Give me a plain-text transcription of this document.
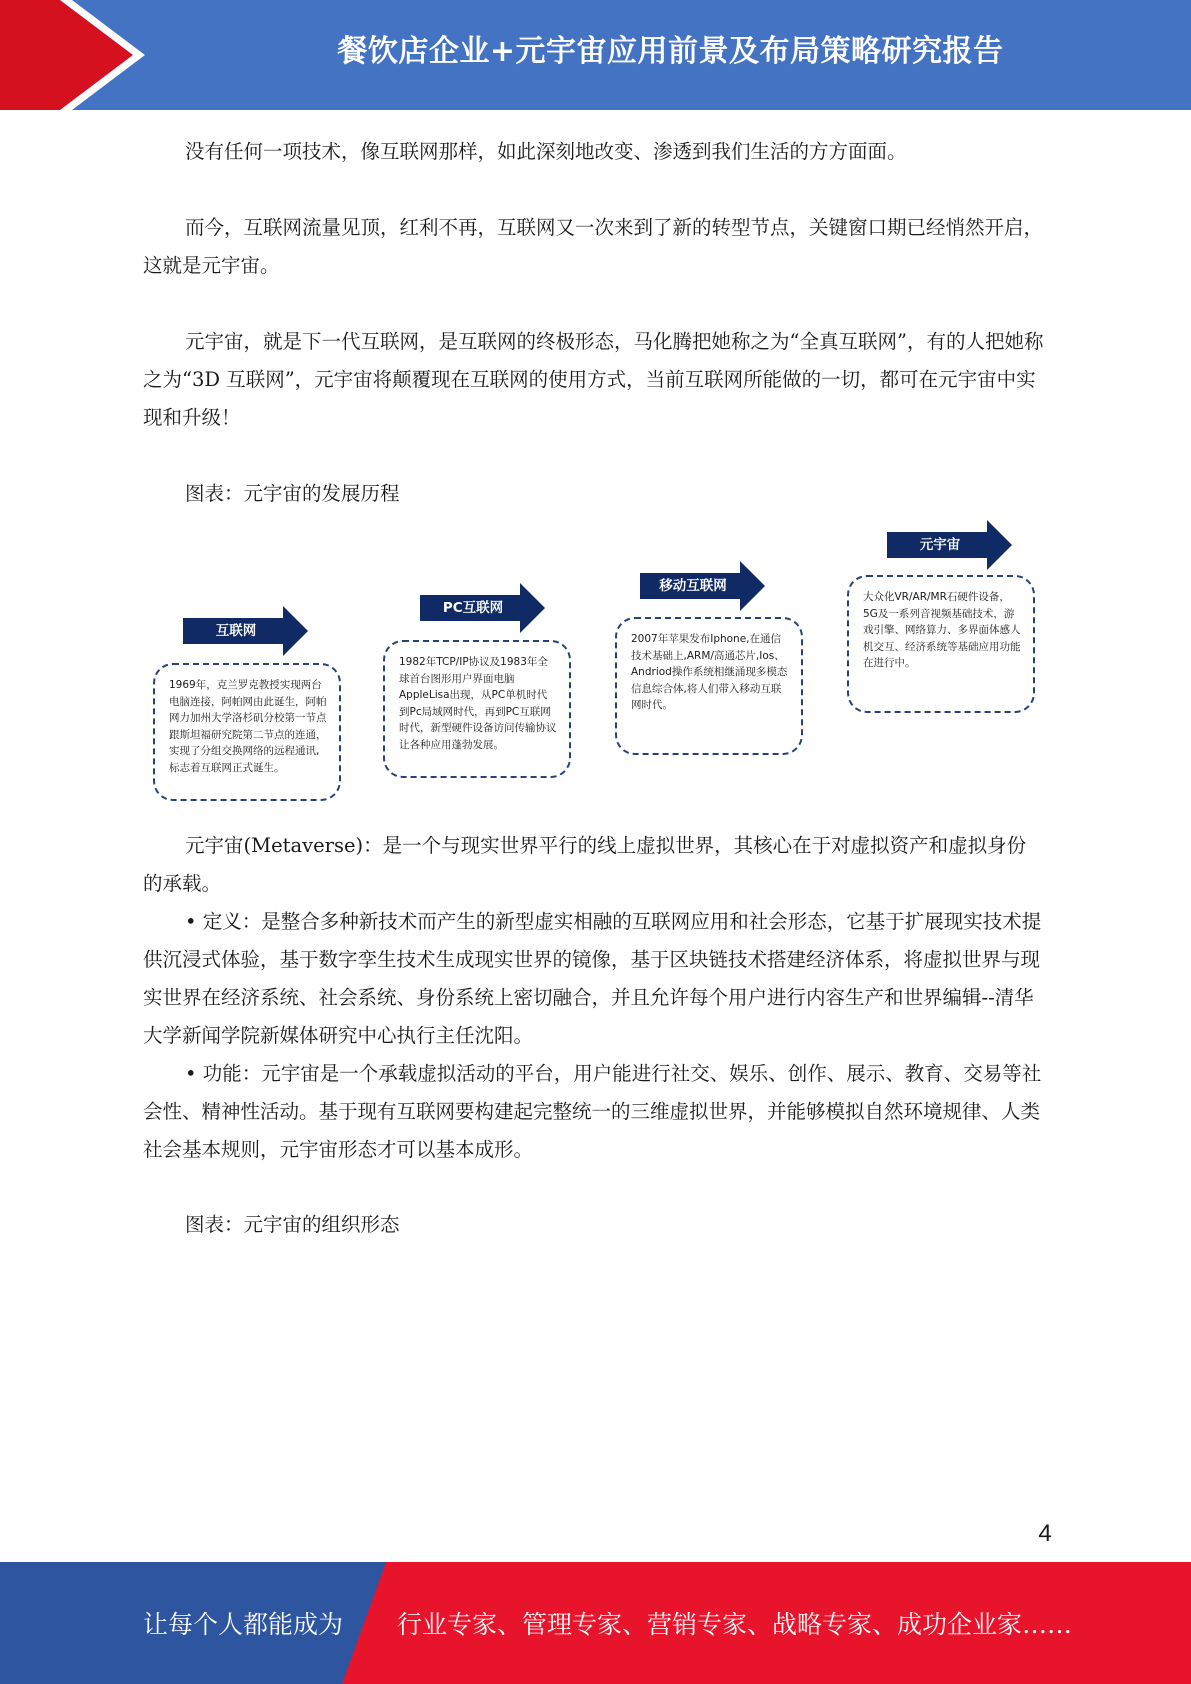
餐饮店企业+元宇宙应用前景及布局策略研究报告

没有任何一项技术，像互联网那样，如此深刻地改变、渗透到我们生活的方方面面。

而今，互联网流量见顶，红利不再，互联网又一次来到了新的转型节点，关键窗口期已经悄然开启，这就是元宇宙。

元宇宙，就是下一代互联网，是互联网的终极形态，马化腾把她称之为“全真互联网”，有的人把她称之为“3D 互联网”，元宇宙将颠覆现在互联网的使用方式，当前互联网所能做的一切，都可在元宇宙中实现和升级！

图表：元宇宙的发展历程

元宇宙(Metaverse)：是一个与现实世界平行的线上虚拟世界，其核心在于对虚拟资产和虚拟身份的承载。

• 定义：是整合多种新技术而产生的新型虚实相融的互联网应用和社会形态，它基于扩展现实技术提供沉浸式体验，基于数字孪生技术生成现实世界的镜像，基于区块链技术搭建经济体系，将虚拟世界与现实世界在经济系统、社会系统、身份系统上密切融合，并且允许每个用户进行内容生产和世界编辑--清华大学新闻学院新媒体研究中心执行主任沈阳。

• 功能：元宇宙是一个承载虚拟活动的平台，用户能进行社交、娱乐、创作、展示、教育、交易等社会性、精神性活动。基于现有互联网要构建起完整统一的三维虚拟世界，并能够模拟自然环境规律、人类社会基本规则，元宇宙形态才可以基本成形。

图表：元宇宙的组织形态

互联网
1969年，克兰罗克教授实现两台电脑连接，阿帕网由此诞生，阿帕网力加州大学洛杉矶分校第一节点跟斯坦福研究院第二节点的连通，实现了分组交换网络的远程通讯,标志着互联网正式诞生。
PC互联网
1982年TCP/IP协议及1983年全球首台图形用户界面电脑AppleLisa出现，从PC单机时代到Pc局域网时代，再到PC互联网时代，新型硬件设备访问传输协议让各种应用蓬勃发展。
移动互联网
2007年苹果发布Iphone,在通信技术基础上,ARM/高通芯片,Ios、Andriod操作系统相继涌现多模态信息综合体,将人们带入移动互联网时代。
元宇宙
大众化VR/AR/MR石硬件设备，5G及一系列音视频基础技术，游戏引擎、网络算力、多界面体感人机交互、经济系统等基础应用功能在进行中。
4
让每个人都能成为 行业专家、管理专家、营销专家、战略专家、成功企业家……
